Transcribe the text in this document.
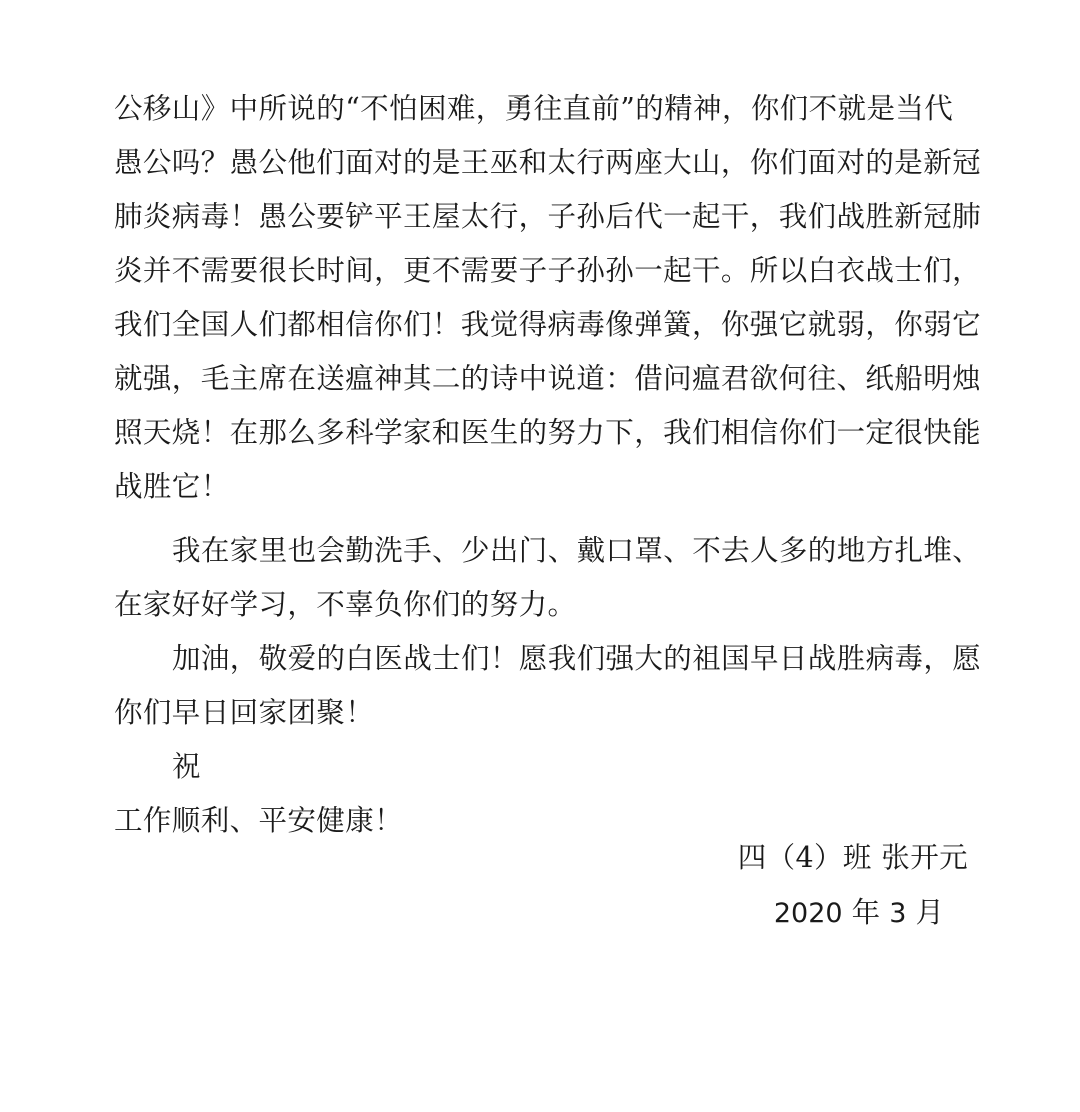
公移山》中所说的“不怕困难，勇往直前”的精神，你们不就是当代
愚公吗？愚公他们面对的是王巫和太行两座大山，你们面对的是新冠
肺炎病毒！愚公要铲平王屋太行，子孙后代一起干，我们战胜新冠肺
炎并不需要很长时间，更不需要子子孙孙一起干。所以白衣战士们，
我们全国人们都相信你们！我觉得病毒像弹簧，你强它就弱，你弱它
就强，毛主席在送瘟神其二的诗中说道：借问瘟君欲何往、纸船明烛
照天烧！在那么多科学家和医生的努力下，我们相信你们一定很快能
战胜它！
我在家里也会勤洗手、少出门、戴口罩、不去人多的地方扎堆、
在家好好学习，不辜负你们的努力。
加油，敬爱的白医战士们！愿我们强大的祖国早日战胜病毒，愿
你们早日回家团聚！
祝
工作顺利、平安健康！
四（4）班 张开元
2020 年 3 月
